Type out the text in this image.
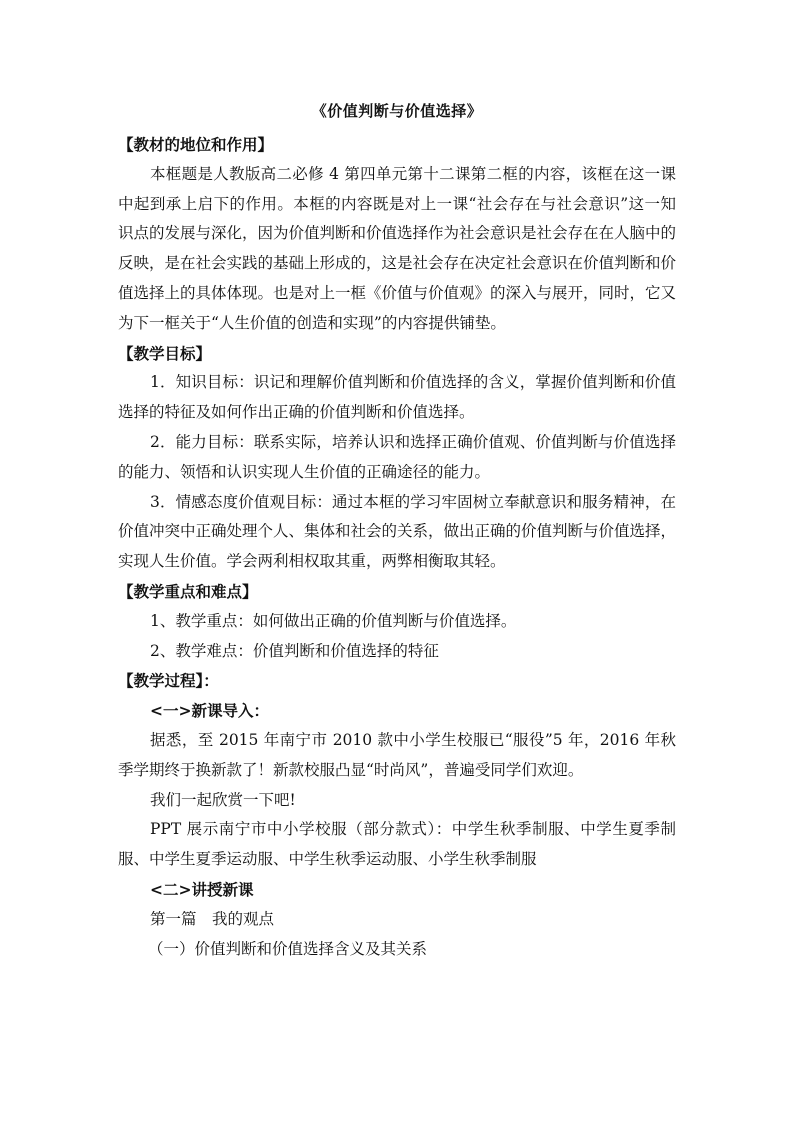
《价值判断与价值选择》

【教材的地位和作用】

本框题是人教版高二必修 4 第四单元第十二课第二框的内容，该框在这一课中起到承上启下的作用。本框的内容既是对上一课“社会存在与社会意识”这一知识点的发展与深化，因为价值判断和价值选择作为社会意识是社会存在在人脑中的反映，是在社会实践的基础上形成的，这是社会存在决定社会意识在价值判断和价值选择上的具体体现。也是对上一框《价值与价值观》的深入与展开，同时，它又为下一框关于“人生价值的创造和实现”的内容提供铺垫。

【教学目标】

1．知识目标：识记和理解价值判断和价值选择的含义，掌握价值判断和价值选择的特征及如何作出正确的价值判断和价值选择。

2．能力目标：联系实际，培养认识和选择正确价值观、价值判断与价值选择的能力、领悟和认识实现人生价值的正确途径的能力。

3．情感态度价值观目标：通过本框的学习牢固树立奉献意识和服务精神，在价值冲突中正确处理个人、集体和社会的关系，做出正确的价值判断与价值选择，实现人生价值。学会两利相权取其重，两弊相衡取其轻。

【教学重点和难点】

1、教学重点：如何做出正确的价值判断与价值选择。

2、教学难点：价值判断和价值选择的特征

【教学过程】：

<一>新课导入：

据悉，至 2015 年南宁市 2010 款中小学生校服已“服役”5 年，2016 年秋季学期终于换新款了！新款校服凸显“时尚风”，普遍受同学们欢迎。

我们一起欣赏一下吧!

PPT 展示南宁市中小学校服（部分款式）：中学生秋季制服、中学生夏季制服、中学生夏季运动服、中学生秋季运动服、小学生秋季制服

<二>讲授新课

第一篇　我的观点

（一）价值判断和价值选择含义及其关系
